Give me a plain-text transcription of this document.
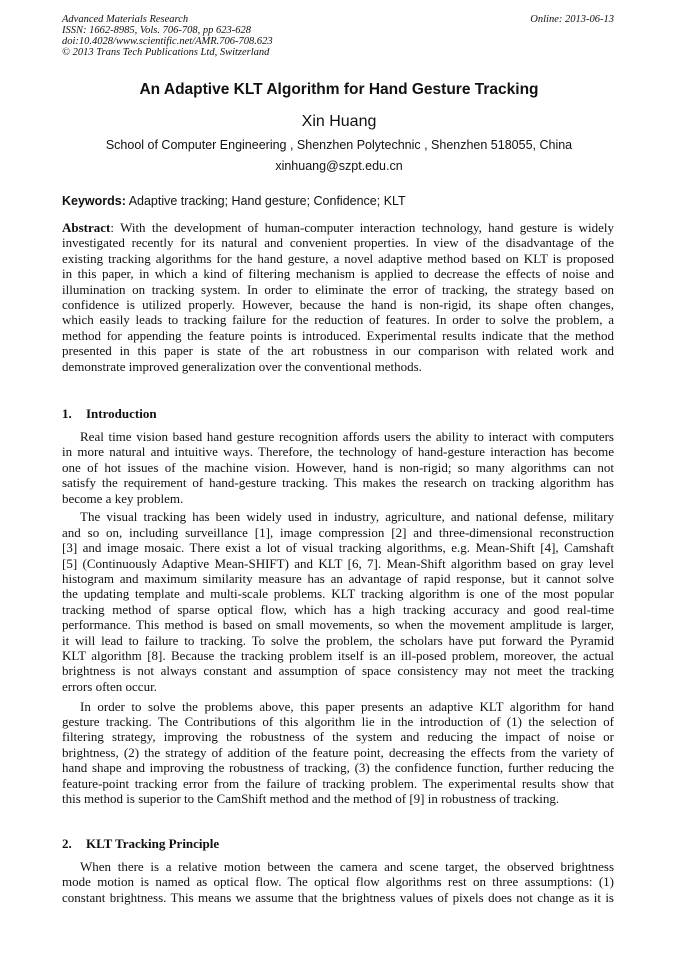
Advanced Materials Research
ISSN: 1662-8985, Vols. 706-708, pp 623-628
doi:10.4028/www.scientific.net/AMR.706-708.623
© 2013 Trans Tech Publications Ltd, Switzerland
Online: 2013-06-13
An Adaptive KLT Algorithm for Hand Gesture Tracking
Xin Huang
School of Computer Engineering , Shenzhen Polytechnic , Shenzhen 518055, China
xinhuang@szpt.edu.cn
Keywords: Adaptive tracking; Hand gesture; Confidence; KLT
Abstract: With the development of human-computer interaction technology, hand gesture is widely
investigated recently for its natural and convenient properties. In view of the disadvantage of the
existing tracking algorithms for the hand gesture, a novel adaptive method based on KLT is proposed
in this paper, in which a kind of filtering mechanism is applied to decrease the effects of noise and
illumination on tracking system. In order to eliminate the error of tracking, the strategy based on
confidence is utilized properly. However, because the hand is non-rigid, its shape often changes,
which easily leads to tracking failure for the reduction of features. In order to solve the problem, a
method for appending the feature points is introduced. Experimental results indicate that the method
presented in this paper is state of the art robustness in our comparison with related work and
demonstrate improved generalization over the conventional methods.
1. Introduction
Real time vision based hand gesture recognition affords users the ability to interact with computers
in more natural and intuitive ways. Therefore, the technology of hand-gesture interaction has become
one of hot issues of the machine vision. However, hand is non-rigid; so many algorithms can not
satisfy the requirement of hand-gesture tracking. This makes the research on tracking algorithm has
become a key problem.
The visual tracking has been widely used in industry, agriculture, and national defense, military
and so on, including surveillance [1], image compression [2] and three-dimensional reconstruction
[3] and image mosaic. There exist a lot of visual tracking algorithms, e.g. Mean-Shift [4], Camshaft
[5] (Continuously Adaptive Mean-SHIFT) and KLT [6, 7]. Mean-Shift algorithm based on gray level
histogram and maximum similarity measure has an advantage of rapid response, but it cannot solve
the updating template and multi-scale problems. KLT tracking algorithm is one of the most popular
tracking method of sparse optical flow, which has a high tracking accuracy and good real-time
performance. This method is based on small movements, so when the movement amplitude is larger,
it will lead to failure to tracking. To solve the problem, the scholars have put forward the Pyramid
KLT algorithm [8]. Because the tracking problem itself is an ill-posed problem, moreover, the actual
brightness is not always constant and assumption of space consistency may not meet the tracking
errors often occur.
In order to solve the problems above, this paper presents an adaptive KLT algorithm for hand
gesture tracking. The Contributions of this algorithm lie in the introduction of (1) the selection of
filtering strategy, improving the robustness of the system and reducing the impact of noise or
brightness, (2) the strategy of addition of the feature point, decreasing the effects from the variety of
hand shape and improving the robustness of tracking, (3) the confidence function, further reducing the
feature-point tracking error from the failure of tracking problem. The experimental results show that
this method is superior to the CamShift method and the method of [9] in robustness of tracking.
2. KLT Tracking Principle
When there is a relative motion between the camera and scene target, the observed brightness
mode motion is named as optical flow. The optical flow algorithms rest on three assumptions: (1)
constant brightness. This means we assume that the brightness values of pixels does not change as it is
